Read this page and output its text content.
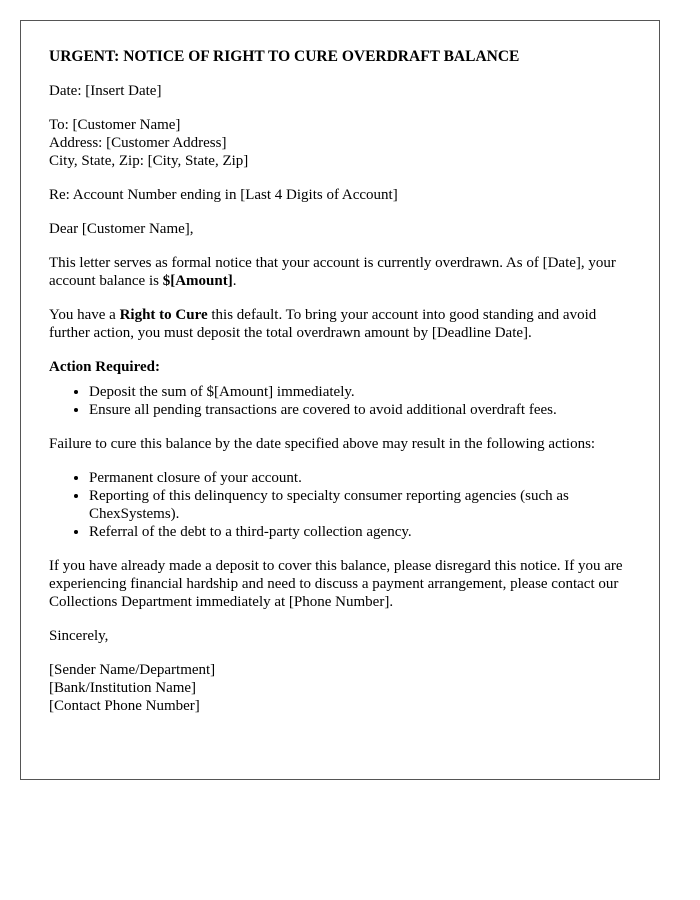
URGENT: NOTICE OF RIGHT TO CURE OVERDRAFT BALANCE

Date: [Insert Date]

To: [Customer Name]
Address: [Customer Address]
City, State, Zip: [City, State, Zip]

Re: Account Number ending in [Last 4 Digits of Account]

Dear [Customer Name],

This letter serves as formal notice that your account is currently overdrawn. As of [Date], your account balance is $[Amount].

You have a Right to Cure this default. To bring your account into good standing and avoid further action, you must deposit the total overdrawn amount by [Deadline Date].

Action Required:
• Deposit the sum of $[Amount] immediately.
• Ensure all pending transactions are covered to avoid additional overdraft fees.

Failure to cure this balance by the date specified above may result in the following actions:

• Permanent closure of your account.
• Reporting of this delinquency to specialty consumer reporting agencies (such as ChexSystems).
• Referral of the debt to a third-party collection agency.

If you have already made a deposit to cover this balance, please disregard this notice. If you are experiencing financial hardship and need to discuss a payment arrangement, please contact our Collections Department immediately at [Phone Number].

Sincerely,

[Sender Name/Department]
[Bank/Institution Name]
[Contact Phone Number]
